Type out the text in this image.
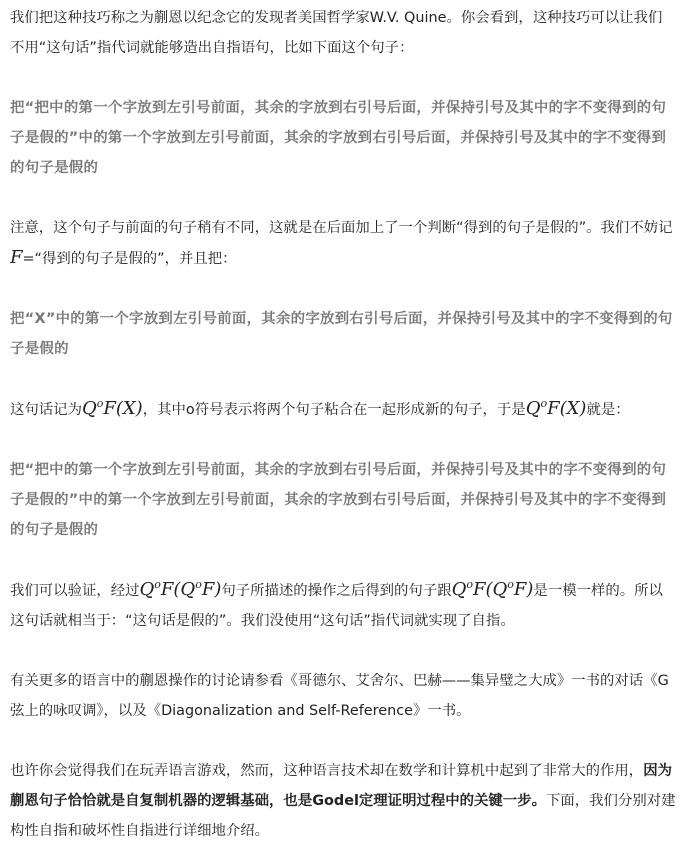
我们把这种技巧称之为蒯恩以纪念它的发现者美国哲学家W.V. Quine。你会看到，这种技巧可以让我们不用“这句话”指代词就能够造出自指语句，比如下面这个句子：

把“把中的第一个字放到左引号前面，其余的字放到右引号后面，并保持引号及其中的字不变得到的句子是假的”中的第一个字放到左引号前面，其余的字放到右引号后面，并保持引号及其中的字不变得到的句子是假的

注意，这个句子与前面的句子稍有不同，这就是在后面加上了一个判断“得到的句子是假的”。我们不妨记F=“得到的句子是假的”，并且把：

把“X”中的第一个字放到左引号前面，其余的字放到右引号后面，并保持引号及其中的字不变得到的句子是假的

这句话记为$Q^oF(X)$，其中o符号表示将两个句子粘合在一起形成新的句子，于是$Q^oF(X)$就是：

把“把中的第一个字放到左引号前面，其余的字放到右引号后面，并保持引号及其中的字不变得到的句子是假的”中的第一个字放到左引号前面，其余的字放到右引号后面，并保持引号及其中的字不变得到的句子是假的

我们可以验证，经过$Q^oF(Q^oF)$句子所描述的操作之后得到的句子跟$Q^oF(Q^oF)$是一模一样的。所以这句话就相当于：“这句话是假的”。我们没使用“这句话”指代词就实现了自指。

有关更多的语言中的蒯恩操作的讨论请参看《哥德尔、艾舍尔、巴赫——集异璧之大成》一书的对话《G弦上的咏叹调》，以及《Diagonalization and Self-Reference》一书。

也许你会觉得我们在玩弄语言游戏，然而，这种语言技术却在数学和计算机中起到了非常大的作用，因为蒯恩句子恰恰就是自复制机器的逻辑基础，也是Godel定理证明过程中的关键一步。下面，我们分别对建构性自指和破坏性自指进行详细地介绍。
